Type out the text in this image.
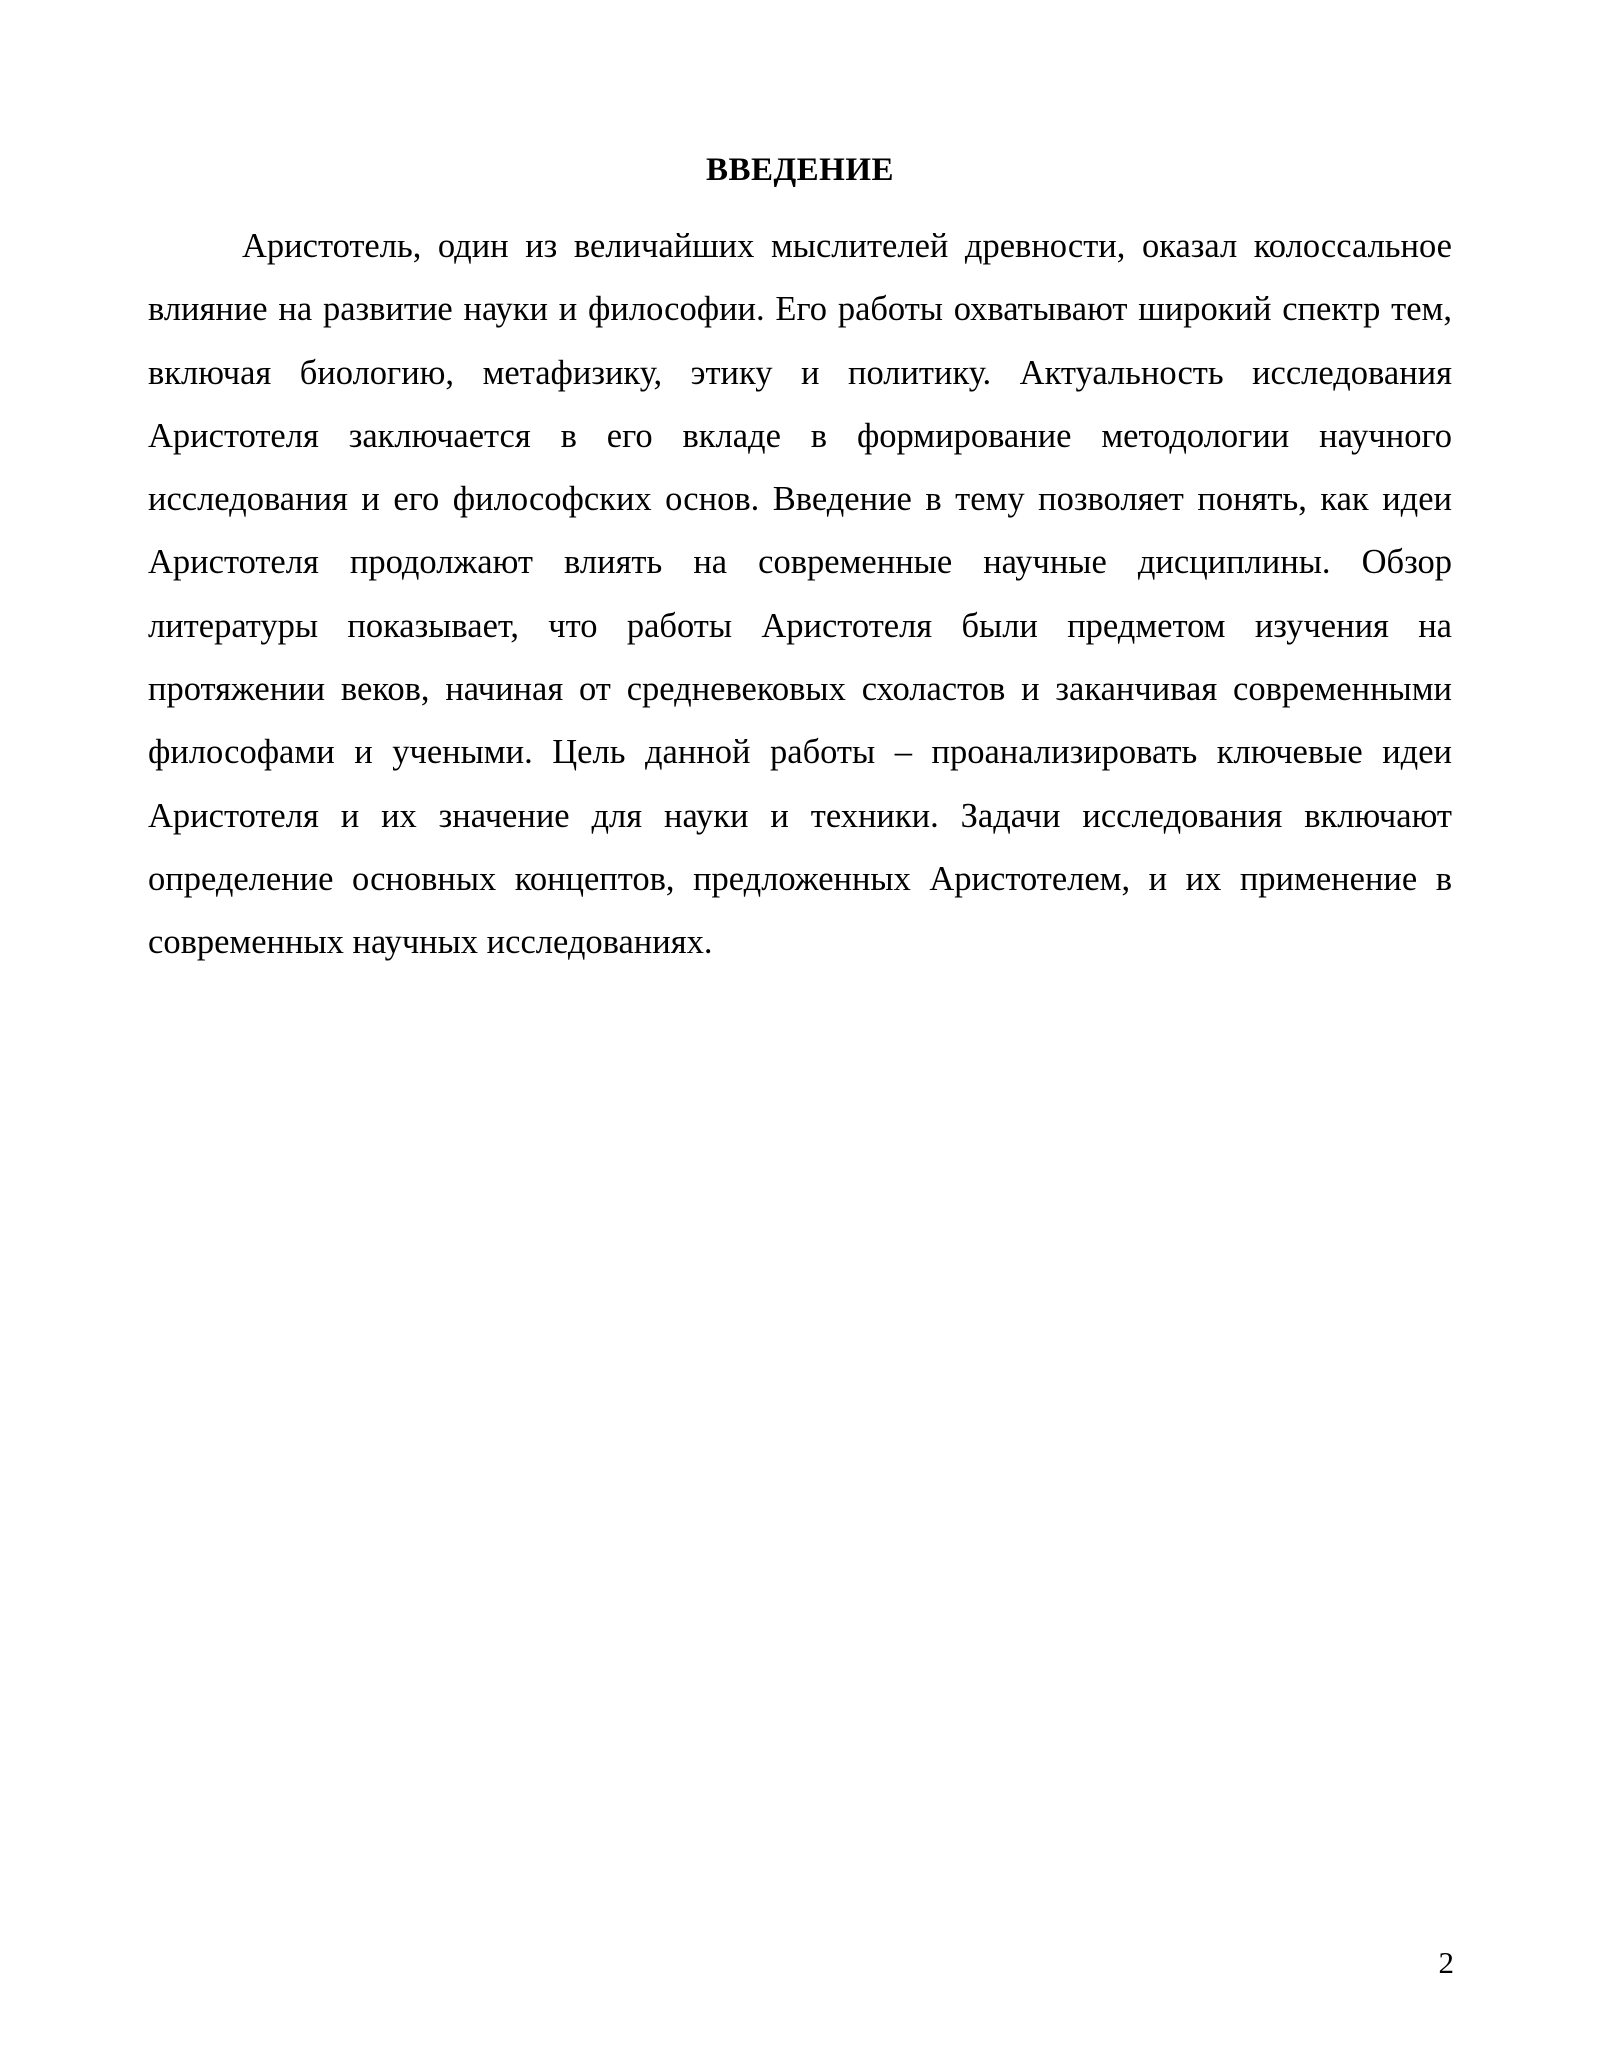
ВВЕДЕНИЕ

Аристотель, один из величайших мыслителей древности, оказал колоссальное влияние на развитие науки и философии. Его работы охватывают широкий спектр тем, включая биологию, метафизику, этику и политику. Актуальность исследования Аристотеля заключается в его вкладе в формирование методологии научного исследования и его философских основ. Введение в тему позволяет понять, как идеи Аристотеля продолжают влиять на современные научные дисциплины. Обзор литературы показывает, что работы Аристотеля были предметом изучения на протяжении веков, начиная от средневековых схоластов и заканчивая современными философами и учеными. Цель данной работы – проанализировать ключевые идеи Аристотеля и их значение для науки и техники. Задачи исследования включают определение основных концептов, предложенных Аристотелем, и их применение в современных научных исследованиях.

2
